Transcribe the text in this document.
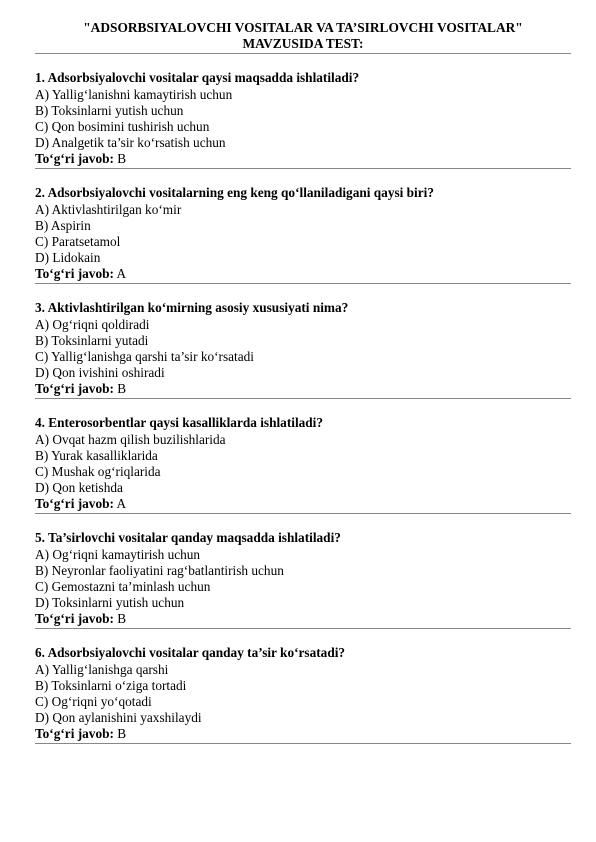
"ADSORBSIYALOVCHI VOSITALAR VA TA’SIRLOVCHI VOSITALAR"
MAVZUSIDA TEST:
1. Adsorbsiyalovchi vositalar qaysi maqsadda ishlatiladi?
A) Yallig‘lanishni kamaytirish uchun
B) Toksinlarni yutish uchun
C) Qon bosimini tushirish uchun
D) Analgetik ta’sir ko‘rsatish uchun
To‘g‘ri javob: B
2. Adsorbsiyalovchi vositalarning eng keng qo‘llaniladigani qaysi biri?
A) Aktivlashtirilgan ko‘mir
B) Aspirin
C) Paratsetamol
D) Lidokain
To‘g‘ri javob: A
3. Aktivlashtirilgan ko‘mirning asosiy xususiyati nima?
A) Og‘riqni qoldiradi
B) Toksinlarni yutadi
C) Yallig‘lanishga qarshi ta’sir ko‘rsatadi
D) Qon ivishini oshiradi
To‘g‘ri javob: B
4. Enterosorbentlar qaysi kasalliklarda ishlatiladi?
A) Ovqat hazm qilish buzilishlarida
B) Yurak kasalliklarida
C) Mushak og‘riqlarida
D) Qon ketishda
To‘g‘ri javob: A
5. Ta’sirlovchi vositalar qanday maqsadda ishlatiladi?
A) Og‘riqni kamaytirish uchun
B) Neyronlar faoliyatini rag‘batlantirish uchun
C) Gemostazni ta’minlash uchun
D) Toksinlarni yutish uchun
To‘g‘ri javob: B
6. Adsorbsiyalovchi vositalar qanday ta’sir ko‘rsatadi?
A) Yallig‘lanishga qarshi
B) Toksinlarni o‘ziga tortadi
C) Og‘riqni yo‘qotadi
D) Qon aylanishini yaxshilaydi
To‘g‘ri javob: B
